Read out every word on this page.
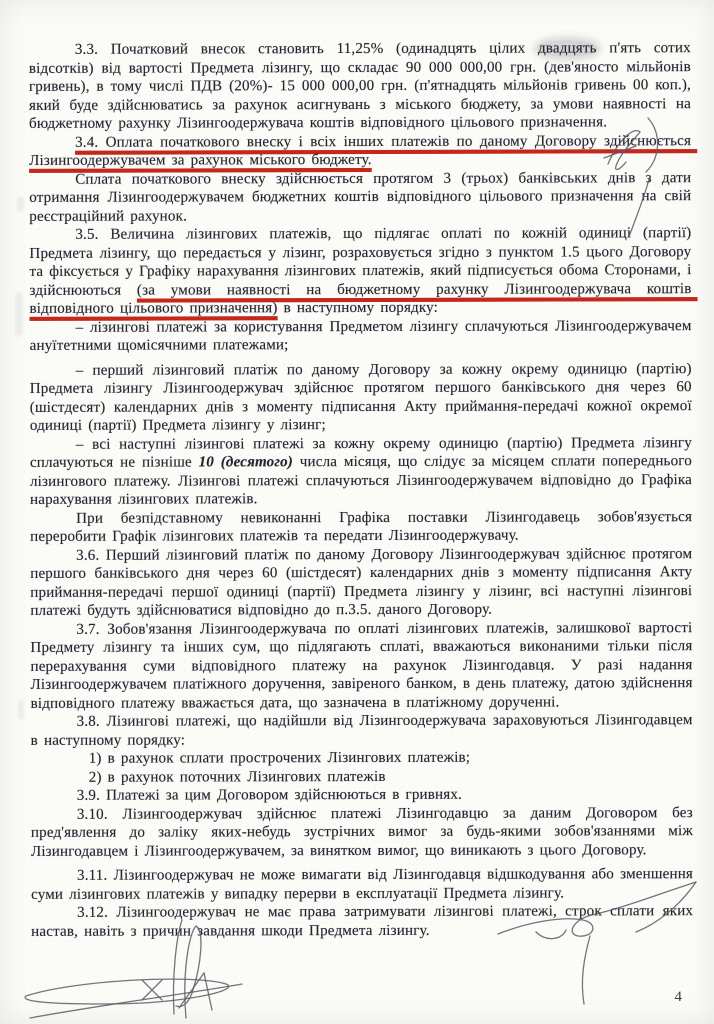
3.3. Початковий внесок становить 11,25% (одинадцять цілих двадцять п'ять сотих відсотків) від вартості Предмета лізингу, що складає 90 000 000,00 грн. (дев'яносто мільйонів гривень), в тому числі ПДВ (20%)- 15 000 000,00 грн. (п'ятнадцять мільйонів гривень 00 коп.), який буде здійснюватись за рахунок асигнувань з міського бюджету, за умови наявності на бюджетному рахунку Лізингоодержувача коштів відповідного цільового призначення.

3.4. Оплата початкового внеску і всіх інших платежів по даному Договору здійснюється Лізингоодержувачем за рахунок міського бюджету.

Сплата початкового внеску здійснюється протягом 3 (трьох) банківських днів з дати отримання Лізингоодержувачем бюджетних коштів відповідного цільового призначення на свій реєстраційний рахунок.

3.5. Величина лізингових платежів, що підлягає оплаті по кожній одиниці (партії) Предмета лізингу, що передається у лізинг, розраховується згідно з пунктом 1.5 цього Договору та фіксується у Графіку нарахування лізингових платежів, який підписується обома Сторонами, і здійснюються (за умови наявності на бюджетному рахунку Лізингоодержувача коштів відповідного цільового призначення) в наступному порядку:

– лізингові платежі за користування Предметом лізингу сплачуються Лізингоодержувачем ануїтетними щомісячними платежами;

– перший лізинговий платіж по даному Договору за кожну окрему одиницю (партію) Предмета лізингу Лізингоодержувач здійснює протягом першого банківського дня через 60 (шістдесят) календарних днів з моменту підписання Акту приймання-передачі кожної окремої одиниці (партії) Предмета лізингу у лізинг;

– всі наступні лізингові платежі за кожну окрему одиницю (партію) Предмета лізингу сплачуються не пізніше 10 (десятого) числа місяця, що слідує за місяцем сплати попереднього лізингового платежу. Лізингові платежі сплачуються Лізингоодержувачем відповідно до Графіка нарахування лізингових платежів.

При безпідставному невиконанні Графіка поставки Лізингодавець зобов'язується переробити Графік лізингових платежів та передати Лізингоодержувачу.

3.6. Перший лізинговий платіж по даному Договору Лізингоодержувач здійснює протягом першого банківського дня через 60 (шістдесят) календарних днів з моменту підписання Акту приймання-передачі першої одиниці (партії) Предмета лізингу у лізинг, всі наступні лізингові платежі будуть здійснюватися відповідно до п.3.5. даного Договору.

3.7. Зобов'язання Лізингоодержувача по оплаті лізингових платежів, залишкової вартості Предмету лізингу та інших сум, що підлягають сплаті, вважаються виконаними тільки після перерахування суми відповідного платежу на рахунок Лізингодавця. У разі надання Лізингоодержувачем платіжного доручення, завіреного банком, в день платежу, датою здійснення відповідного платежу вважається дата, що зазначена в платіжному дорученні.

3.8. Лізингові платежі, що надійшли від Лізингоодержувача зараховуються Лізингодавцем в наступному порядку:

1) в рахунок сплати прострочених Лізингових платежів;

2) в рахунок поточних Лізингових платежів

3.9. Платежі за цим Договором здійснюються в гривнях.

3.10. Лізингоодержувач здійснює платежі Лізингодавцю за даним Договором без пред'явлення до заліку яких-небудь зустрічних вимог за будь-якими зобов'язаннями між Лізингодавцем і Лізингоодержувачем, за винятком вимог, що виникають з цього Договору.

3.11. Лізингоодержувач не може вимагати від Лізингодавця відшкодування або зменшення суми лізингових платежів у випадку перерви в експлуатації Предмета лізингу.

3.12. Лізингоодержувач не має права затримувати лізингові платежі, строк сплати яких настав, навіть з причин завдання шкоди Предмета лізингу.

4
